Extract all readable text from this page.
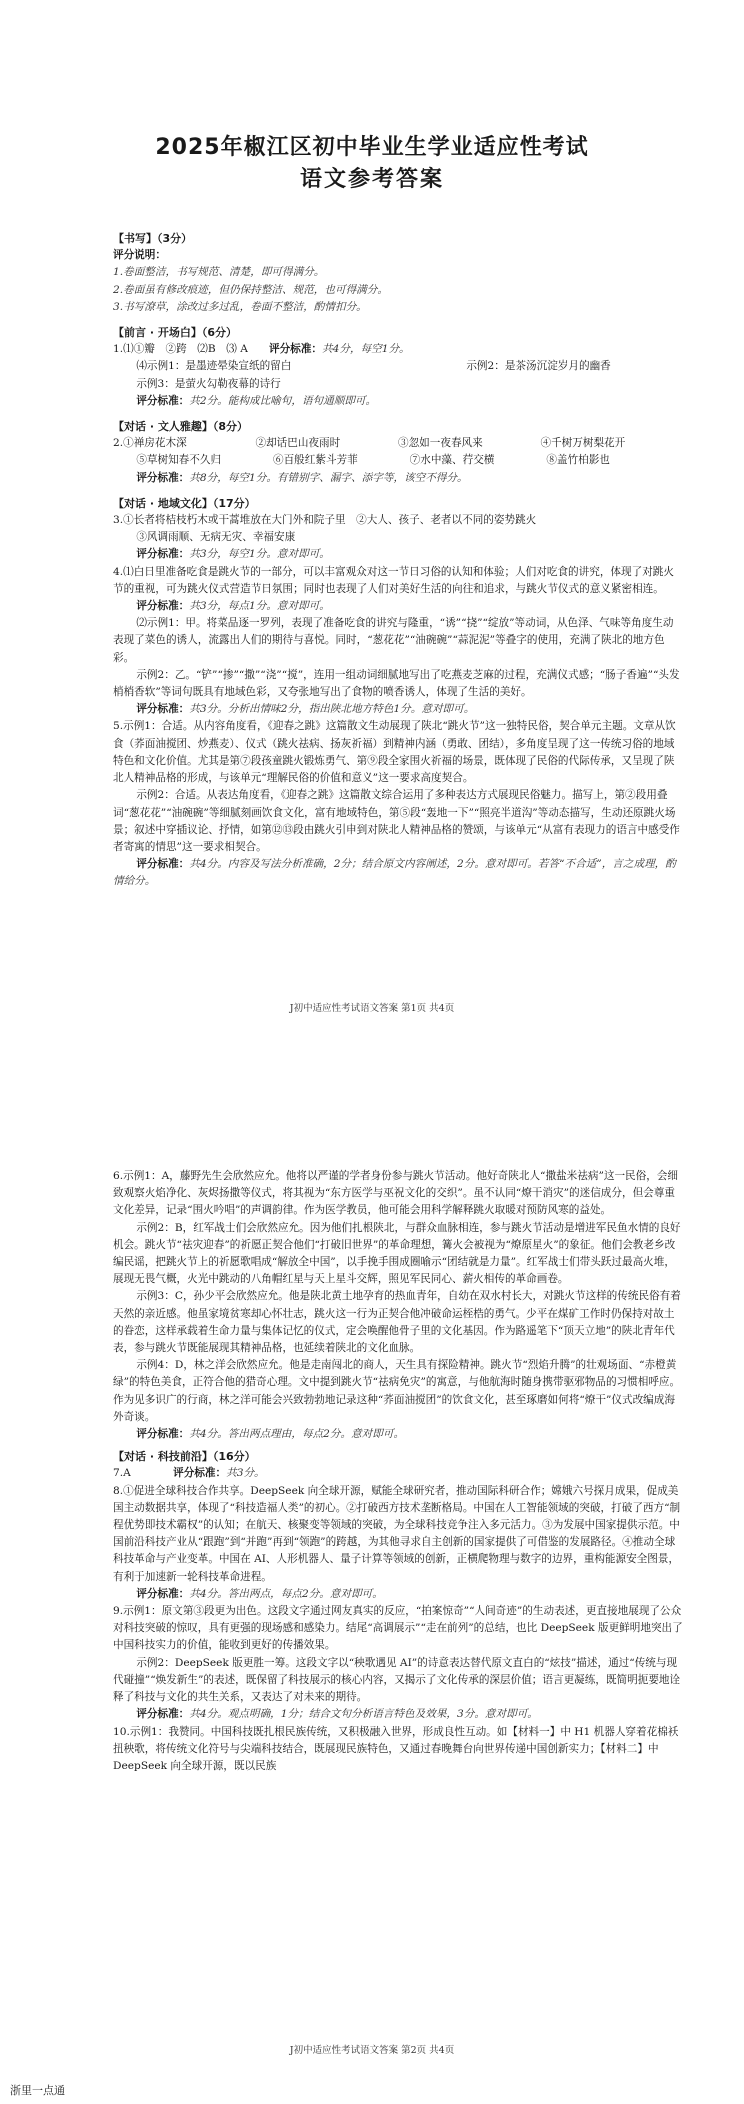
2025年椒江区初中毕业生学业适应性考试
语文参考答案

【书写】（3分）

评分说明：

1.卷面整洁，书写规范、清楚，即可得满分。

2.卷面虽有修改痕迹，但仍保持整洁、规范，也可得满分。

3.书写潦草，涂改过多过乱，卷面不整洁，酌情扣分。

【前言 · 开场白】（6分）

1.⑴①瓣　②跨　⑵B　⑶ A　　 评分标准：共4分，每空1分。

⑷示例1：是墨迹晕染宣纸的留白	示例2：是茶汤沉淀岁月的幽香

示例3：是萤火勾勒夜幕的诗行

评分标准：共2分。能构成比喻句，语句通顺即可。

【对话 · 文人雅趣】（8分）

2.①禅房花木深	②却话巴山夜雨时	③忽如一夜春风来	④千树万树梨花开
⑤草树知春不久归	⑥百般红紫斗芳菲	⑦水中藻、荇交横	⑧盖竹柏影也

评分标准：共8分，每空1分。有错别字、漏字、添字等，该空不得分。

【对话 · 地域文化】（17分）

3.①长者将桔枝朽木或干蒿堆放在大门外和院子里　②大人、孩子、老者以不同的姿势跳火

③风调雨顺、无病无灾、幸福安康

评分标准：共3分，每空1分。意对即可。

4.⑴白日里准备吃食是跳火节的一部分，可以丰富观众对这一节日习俗的认知和体验；人们对吃食的讲究，体现了对跳火节的重视，可为跳火仪式营造节日氛围；同时也表现了人们对美好生活的向往和追求，与跳火节仪式的意义紧密相连。

评分标准：共3分，每点1分。意对即可。

⑵示例1：甲。将菜品逐一罗列，表现了准备吃食的讲究与隆重，“诱”“挠”“绽放”等动词，从色泽、气味等角度生动表现了菜色的诱人，流露出人们的期待与喜悦。同时，“葱花花”“油碗碗”“蒜泥泥”等叠字的使用，充满了陕北的地方色彩。

示例2：乙。“铲”“掺”“撒”“浇”“搅”，连用一组动词细腻地写出了吃燕麦芝麻的过程，充满仪式感；“肠子香遍”“头发梢梢香软”等词句既具有地域色彩，又夸张地写出了食物的喷香诱人，体现了生活的美好。

评分标准：共3分。分析出情味2分，指出陕北地方特色1分。意对即可。

5.示例1：合适。从内容角度看，《迎春之跳》这篇散文生动展现了陕北“跳火节”这一独特民俗，契合单元主题。文章从饮食（荞面油搅团、炒燕麦）、仪式（跳火祛病、扬灰祈福）到精神内涵（勇敢、团结），多角度呈现了这一传统习俗的地域特色和文化价值。尤其是第⑦段孩童跳火锻炼勇气、第⑨段全家围火祈福的场景，既体现了民俗的代际传承，又呈现了陕北人精神品格的形成，与该单元“理解民俗的价值和意义”这一要求高度契合。

示例2：合适。从表达角度看，《迎春之跳》这篇散文综合运用了多种表达方式展现民俗魅力。描写上，第②段用叠词“葱花花”“油碗碗”等细腻刻画饮食文化，富有地域特色，第⑤段“轰地一下”“照亮半道沟”等动态描写，生动还原跳火场景；叙述中穿插议论、抒情，如第⑫⑬段由跳火引申到对陕北人精神品格的赞颂，与该单元“从富有表现力的语言中感受作者寄寓的情思”这一要求相契合。

评分标准：共4分。内容及写法分析准确，2分；结合原文内容阐述，2分。意对即可。若答“不合适”，言之成理，酌情给分。

J初中适应性考试语文答案 第1页 共4页

6.示例1：A，藤野先生会欣然应允。他将以严谨的学者身份参与跳火节活动。他好奇陕北人“撒盐米祛病”这一民俗，会细致观察火焰净化、灰烬扬撒等仪式，将其视为“东方医学与巫祝文化的交织”。虽不认同“燎干消灾”的迷信成分，但会尊重文化差异，记录“围火吟唱”的声调韵律。作为医学教员，他可能会用科学解释跳火取暖对预防风寒的益处。

示例2：B，红军战士们会欣然应允。因为他们扎根陕北，与群众血脉相连，参与跳火节活动是增进军民鱼水情的良好机会。跳火节“祛灾迎春”的祈愿正契合他们“打破旧世界”的革命理想，篝火会被视为“燎原星火”的象征。他们会教老乡改编民谣，把跳火节上的祈愿歌唱成“解放全中国”，以手挽手围成圈喻示“团结就是力量”。红军战士们带头跃过最高火堆，展现无畏气概，火光中跳动的八角帽红星与天上星斗交辉，照见军民同心、薪火相传的革命画卷。

示例3：C，孙少平会欣然应允。他是陕北黄土地孕育的热血青年，自幼在双水村长大，对跳火节这样的传统民俗有着天然的亲近感。他虽家境贫寒却心怀壮志，跳火这一行为正契合他冲破命运桎梏的勇气。少平在煤矿工作时仍保持对故土的眷恋，这样承载着生命力量与集体记忆的仪式，定会唤醒他骨子里的文化基因。作为路遥笔下“顶天立地”的陕北青年代表，参与跳火节既能展现其精神品格，也延续着陕北的文化血脉。

示例4：D，林之洋会欣然应允。他是走南闯北的商人，天生具有探险精神。跳火节“烈焰升腾”的壮观场面、“赤橙黄绿”的特色美食，正符合他的猎奇心理。文中提到跳火节“祛病免灾”的寓意，与他航海时随身携带驱邪物品的习惯相呼应。作为见多识广的行商，林之洋可能会兴致勃勃地记录这种“荞面油搅团”的饮食文化，甚至琢磨如何将“燎干”仪式改编成海外奇谈。

评分标准：共4分。答出两点理由，每点2分。意对即可。

【对话 · 科技前沿】（16分）

7.A　　　　	评分标准：共3分。

8.①促进全球科技合作共享。DeepSeek 向全球开源，赋能全球研究者，推动国际科研合作；嫦娥六号探月成果，促成美国主动数据共享，体现了“科技造福人类”的初心。②打破西方技术垄断格局。中国在人工智能领域的突破，打破了西方“制程优势即技术霸权”的认知；在航天、核聚变等领域的突破，为全球科技竞争注入多元活力。③为发展中国家提供示范。中国前沿科技产业从“跟跑”到“并跑”再到“领跑”的跨越，为其他寻求自主创新的国家提供了可借鉴的发展路径。④推动全球科技革命与产业变革。中国在 AI、人形机器人、量子计算等领域的创新，正横爬物理与数字的边界，重构能源安全图景，有利于加速新一轮科技革命进程。

评分标准：共4分。答出两点，每点2分。意对即可。

9.示例1：原文第③段更为出色。这段文字通过网友真实的反应，“拍案惊奇”“人间奇迹”的生动表述，更直接地展现了公众对科技突破的惊叹，具有更强的现场感和感染力。结尾“高调展示”“走在前列”的总结，也比 DeepSeek 版更鲜明地突出了中国科技实力的价值，能收到更好的传播效果。

示例2：DeepSeek 版更胜一筹。这段文字以“秧歌遇见 AI”的诗意表达替代原文直白的“炫技”描述，通过“传统与现代碰撞”“焕发新生”的表述，既保留了科技展示的核心内容，又揭示了文化传承的深层价值；语言更凝练，既简明扼要地诠释了科技与文化的共生关系，又表达了对未来的期待。

评分标准：共4分。观点明确，1分；结合文句分析语言特色及效果，3分。意对即可。

10.示例1：我赞同。中国科技既扎根民族传统，又积极融入世界，形成良性互动。如【材料一】中 H1 机器人穿着花棉袄扭秧歌，将传统文化符号与尖端科技结合，既展现民族特色，又通过春晚舞台向世界传递中国创新实力；【材料二】中 DeepSeek 向全球开源，既以民族

J初中适应性考试语文答案 第2页 共4页
浙里一点通
